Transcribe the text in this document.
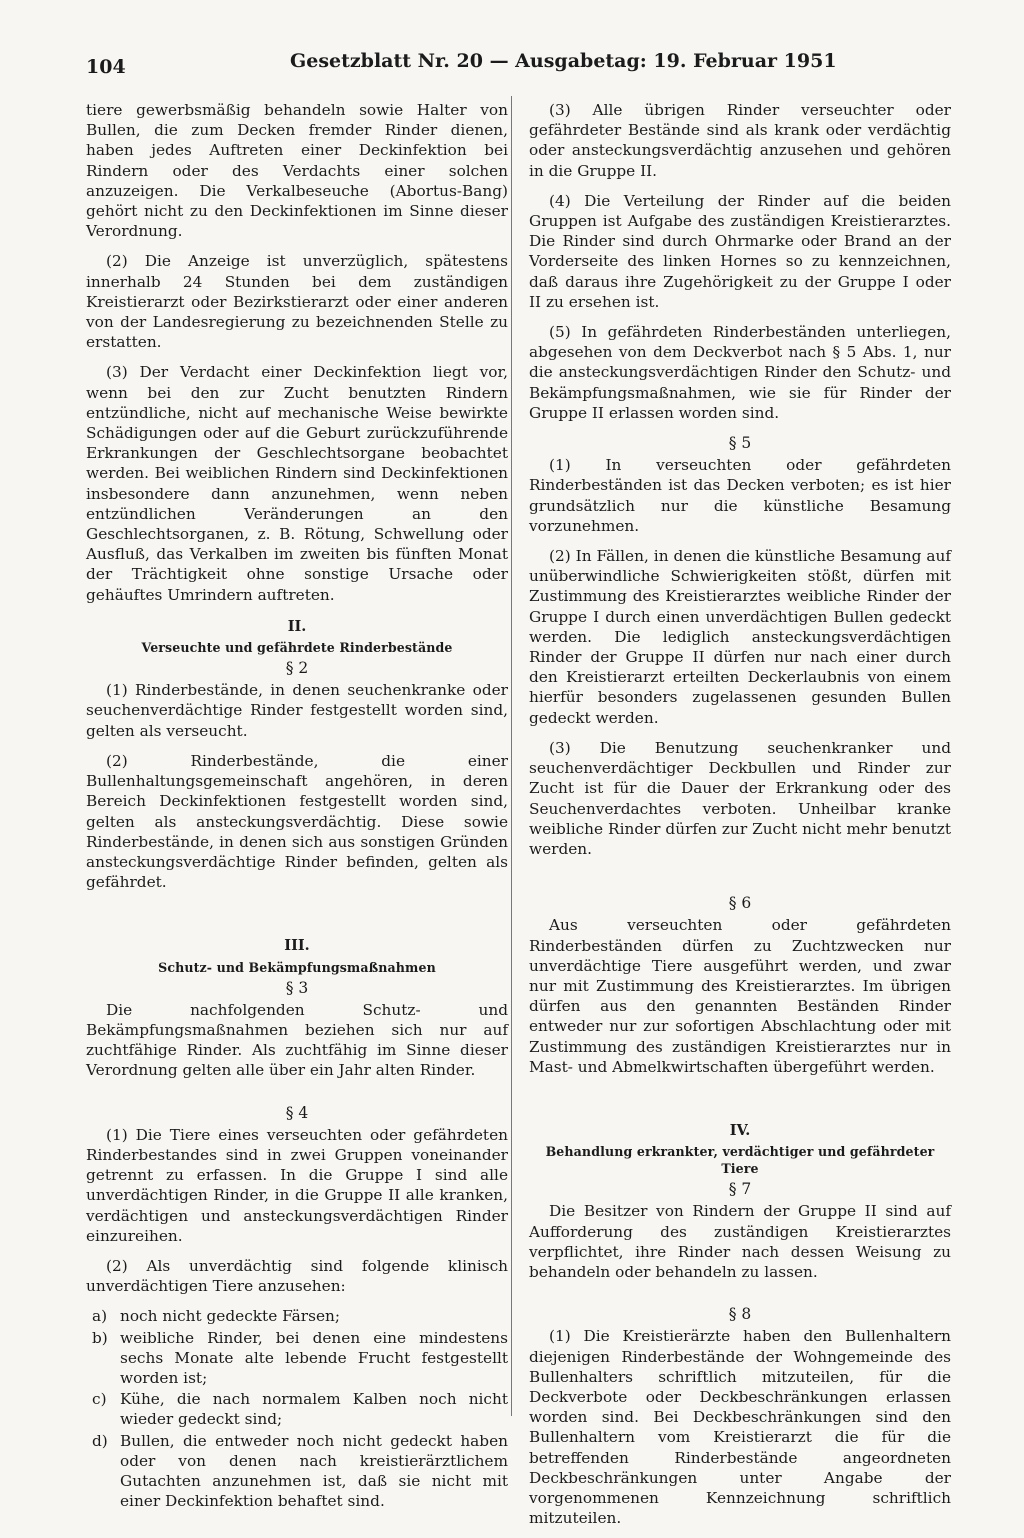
104	Gesetzblatt Nr. 20 — Ausgabetag: 19. Februar 1951

tiere gewerbsmäßig behandeln sowie Halter von Bullen, die zum Decken fremder Rinder dienen, haben jedes Auftreten einer Deckinfektion bei Rindern oder des Verdachts einer solchen anzuzeigen. Die Verkalbeseuche (Abortus-Bang) gehört nicht zu den Deckinfektionen im Sinne dieser Verordnung.

(2) Die Anzeige ist unverzüglich, spätestens innerhalb 24 Stunden bei dem zuständigen Kreistierarzt oder Bezirkstierarzt oder einer anderen von der Landesregierung zu bezeichnenden Stelle zu erstatten.

(3) Der Verdacht einer Deckinfektion liegt vor, wenn bei den zur Zucht benutzten Rindern entzündliche, nicht auf mechanische Weise bewirkte Schädigungen oder auf die Geburt zurückzuführende Erkrankungen der Geschlechtsorgane beobachtet werden. Bei weiblichen Rindern sind Deckinfektionen insbesondere dann anzunehmen, wenn neben entzündlichen Veränderungen an den Geschlechtsorganen, z. B. Rötung, Schwellung oder Ausfluß, das Verkalben im zweiten bis fünften Monat der Trächtigkeit ohne sonstige Ursache oder gehäuftes Umrindern auftreten.

II.
Verseuchte und gefährdete Rinderbestände
§ 2

(1) Rinderbestände, in denen seuchenkranke oder seuchenverdächtige Rinder festgestellt worden sind, gelten als verseucht.

(2) Rinderbestände, die einer Bullenhaltungsgemeinschaft angehören, in deren Bereich Deckinfektionen festgestellt worden sind, gelten als ansteckungsverdächtig. Diese sowie Rinderbestände, in denen sich aus sonstigen Gründen ansteckungsverdächtige Rinder befinden, gelten als gefährdet.

III.
Schutz- und Bekämpfungsmaßnahmen
§ 3

Die nachfolgenden Schutz- und Bekämpfungsmaßnahmen beziehen sich nur auf zuchtfähige Rinder. Als zuchtfähig im Sinne dieser Verordnung gelten alle über ein Jahr alten Rinder.

§ 4

(1) Die Tiere eines verseuchten oder gefährdeten Rinderbestandes sind in zwei Gruppen voneinander getrennt zu erfassen. In die Gruppe I sind alle unverdächtigen Rinder, in die Gruppe II alle kranken, verdächtigen und ansteckungsverdächtigen Rinder einzureihen.

(2) Als unverdächtig sind folgende klinisch unverdächtigen Tiere anzusehen:

a) noch nicht gedeckte Färsen;
b) weibliche Rinder, bei denen eine mindestens sechs Monate alte lebende Frucht festgestellt worden ist;
c) Kühe, die nach normalem Kalben noch nicht wieder gedeckt sind;
d) Bullen, die entweder noch nicht gedeckt haben oder von denen nach kreistierärztlichem Gutachten anzunehmen ist, daß sie nicht mit einer Deckinfektion behaftet sind.

(3) Alle übrigen Rinder verseuchter oder gefährdeter Bestände sind als krank oder verdächtig oder ansteckungsverdächtig anzusehen und gehören in die Gruppe II.

(4) Die Verteilung der Rinder auf die beiden Gruppen ist Aufgabe des zuständigen Kreistierarztes. Die Rinder sind durch Ohrmarke oder Brand an der Vorderseite des linken Hornes so zu kennzeichnen, daß daraus ihre Zugehörigkeit zu der Gruppe I oder II zu ersehen ist.

(5) In gefährdeten Rinderbeständen unterliegen, abgesehen von dem Deckverbot nach § 5 Abs. 1, nur die ansteckungsverdächtigen Rinder den Schutz- und Bekämpfungsmaßnahmen, wie sie für Rinder der Gruppe II erlassen worden sind.

§ 5

(1) In verseuchten oder gefährdeten Rinderbeständen ist das Decken verboten; es ist hier grundsätzlich nur die künstliche Besamung vorzunehmen.

(2) In Fällen, in denen die künstliche Besamung auf unüberwindliche Schwierigkeiten stößt, dürfen mit Zustimmung des Kreistierarztes weibliche Rinder der Gruppe I durch einen unverdächtigen Bullen gedeckt werden. Die lediglich ansteckungsverdächtigen Rinder der Gruppe II dürfen nur nach einer durch den Kreistierarzt erteilten Deckerlaubnis von einem hierfür besonders zugelassenen gesunden Bullen gedeckt werden.

(3) Die Benutzung seuchenkranker und seuchenverdächtiger Deckbullen und Rinder zur Zucht ist für die Dauer der Erkrankung oder des Seuchenverdachtes verboten. Unheilbar kranke weibliche Rinder dürfen zur Zucht nicht mehr benutzt werden.

§ 6

Aus verseuchten oder gefährdeten Rinderbeständen dürfen zu Zuchtzwecken nur unverdächtige Tiere ausgeführt werden, und zwar nur mit Zustimmung des Kreistierarztes. Im übrigen dürfen aus den genannten Beständen Rinder entweder nur zur sofortigen Abschlachtung oder mit Zustimmung des zuständigen Kreistierarztes nur in Mast- und Abmelkwirtschaften übergeführt werden.

IV.
Behandlung erkrankter, verdächtiger und gefährdeter Tiere
§ 7

Die Besitzer von Rindern der Gruppe II sind auf Aufforderung des zuständigen Kreistierarztes verpflichtet, ihre Rinder nach dessen Weisung zu behandeln oder behandeln zu lassen.

§ 8

(1) Die Kreistierärzte haben den Bullenhaltern diejenigen Rinderbestände der Wohngemeinde des Bullenhalters schriftlich mitzuteilen, für die Deckverbote oder Deckbeschränkungen erlassen worden sind. Bei Deckbeschränkungen sind den Bullenhaltern vom Kreistierarzt die für die betreffenden Rinderbestände angeordneten Deckbeschränkungen unter Angabe der vorgenommenen Kennzeichnung schriftlich mitzuteilen.
